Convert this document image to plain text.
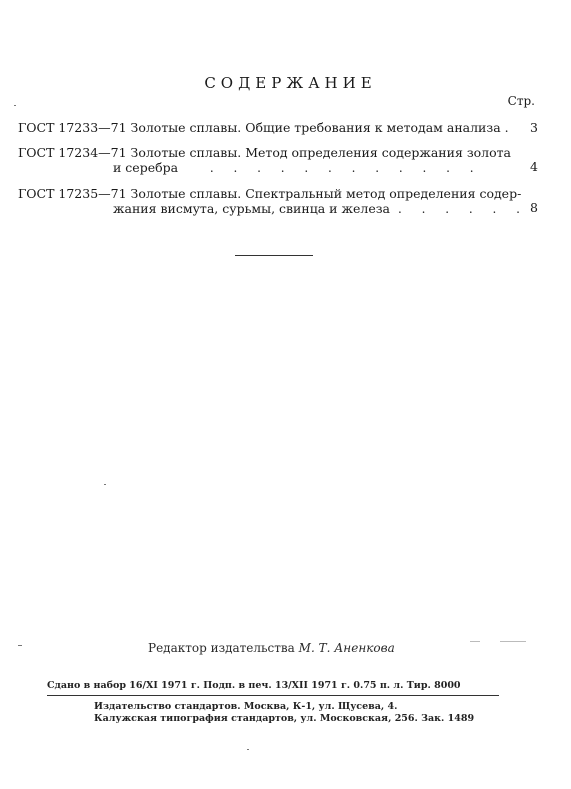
СОДЕРЖАНИЕ
Стр.
ГОСТ 17233—71 Золотые сплавы. Общие требования к методам анализа .	3
ГОСТ 17234—71 Золотые сплавы. Метод определения содержания золота
и серебра	. . . . . . . . . . . .	4
ГОСТ 17235—71 Золотые сплавы. Спектральный метод определения содер-
жания висмута, сурьмы, свинца и железа . . . . . . 8
Редактор издательства М. Т. Аненкова
Сдано в набор 16/XI 1971 г. Подп. в печ. 13/XII 1971 г. 0.75 п. л. Тир. 8000
Издательство стандартов. Москва, К-1, ул. Щусева, 4.
Калужская типография стандартов, ул. Московская, 256. Зак. 1489
